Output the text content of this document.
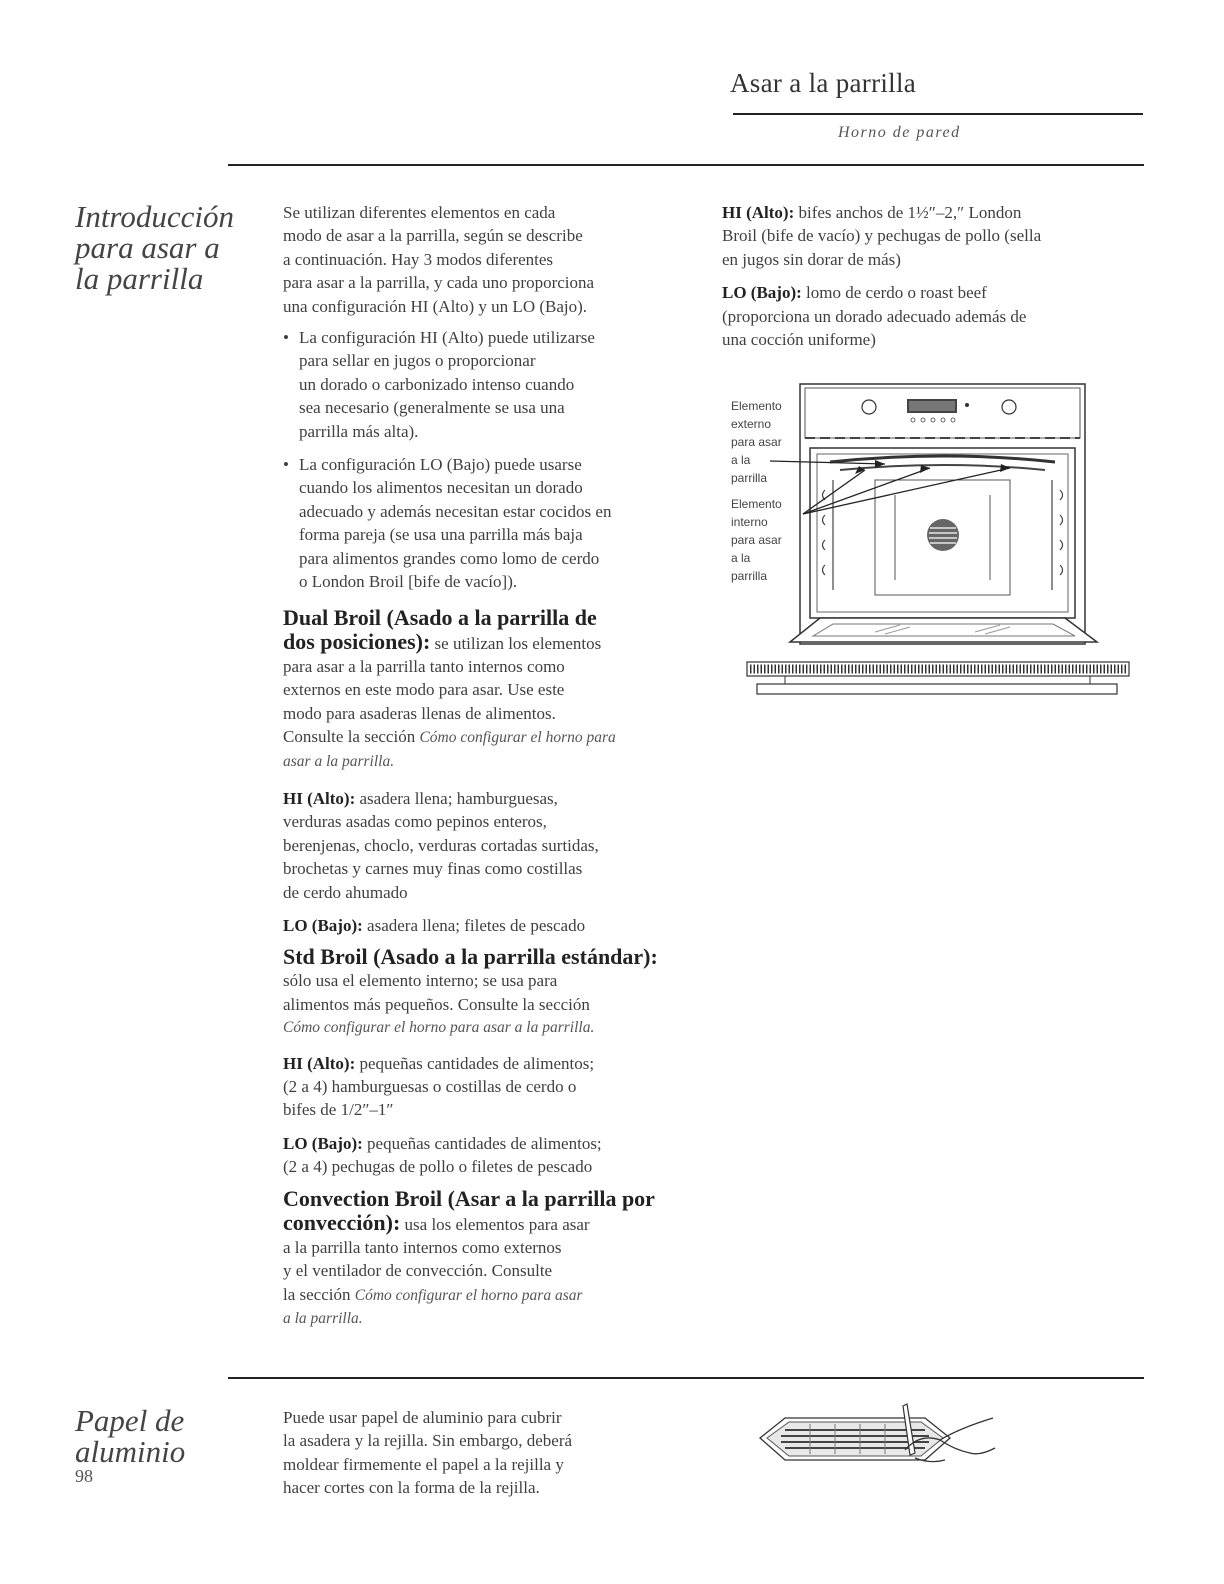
Asar a la parrilla
Horno de pared
Introducción
para asar a
la parrilla

Se utilizan diferentes elementos en cada
modo de asar a la parrilla, según se describe
a continuación. Hay 3 modos diferentes
para asar a la parrilla, y cada uno proporciona
una configuración HI (Alto) y un LO (Bajo).

• La configuración HI (Alto) puede utilizarse
para sellar en jugos o proporcionar
un dorado o carbonizado intenso cuando
sea necesario (generalmente se usa una
parrilla más alta).
• La configuración LO (Bajo) puede usarse
cuando los alimentos necesitan un dorado
adecuado y además necesitan estar cocidos en
forma pareja (se usa una parrilla más baja
para alimentos grandes como lomo de cerdo
o London Broil [bife de vacío]).

Dual Broil (Asado a la parrilla de
dos posiciones): se utilizan los elementos
para asar a la parrilla tanto internos como
externos en este modo para asar. Use este
modo para asaderas llenas de alimentos.
Consulte la sección Cómo configurar el horno para
asar a la parrilla.

HI (Alto): asadera llena; hamburguesas,
verduras asadas como pepinos enteros,
berenjenas, choclo, verduras cortadas surtidas,
brochetas y carnes muy finas como costillas
de cerdo ahumado

LO (Bajo): asadera llena; filetes de pescado

Std Broil (Asado a la parrilla estándar):
sólo usa el elemento interno; se usa para
alimentos más pequeños. Consulte la sección
Cómo configurar el horno para asar a la parrilla.

HI (Alto): pequeñas cantidades de alimentos;
(2 a 4) hamburguesas o costillas de cerdo o
bifes de 1/2″–1″

LO (Bajo): pequeñas cantidades de alimentos;
(2 a 4) pechugas de pollo o filetes de pescado

Convection Broil (Asar a la parrilla por
convección): usa los elementos para asar
a la parrilla tanto internos como externos
y el ventilador de convección. Consulte
la sección Cómo configurar el horno para asar
a la parrilla.

HI (Alto): bifes anchos de 1½″–2,″ London
Broil (bife de vacío) y pechugas de pollo (sella
en jugos sin dorar de más)

LO (Bajo): lomo de cerdo o roast beef
(proporciona un dorado adecuado además de
una cocción uniforme)

Elemento
externo
para asar
a la
parrilla
Elemento
interno
para asar
a la
parrilla
Papel de
aluminio
Puede usar papel de aluminio para cubrir
la asadera y la rejilla. Sin embargo, deberá
moldear firmemente el papel a la rejilla y
hacer cortes con la forma de la rejilla.
98
